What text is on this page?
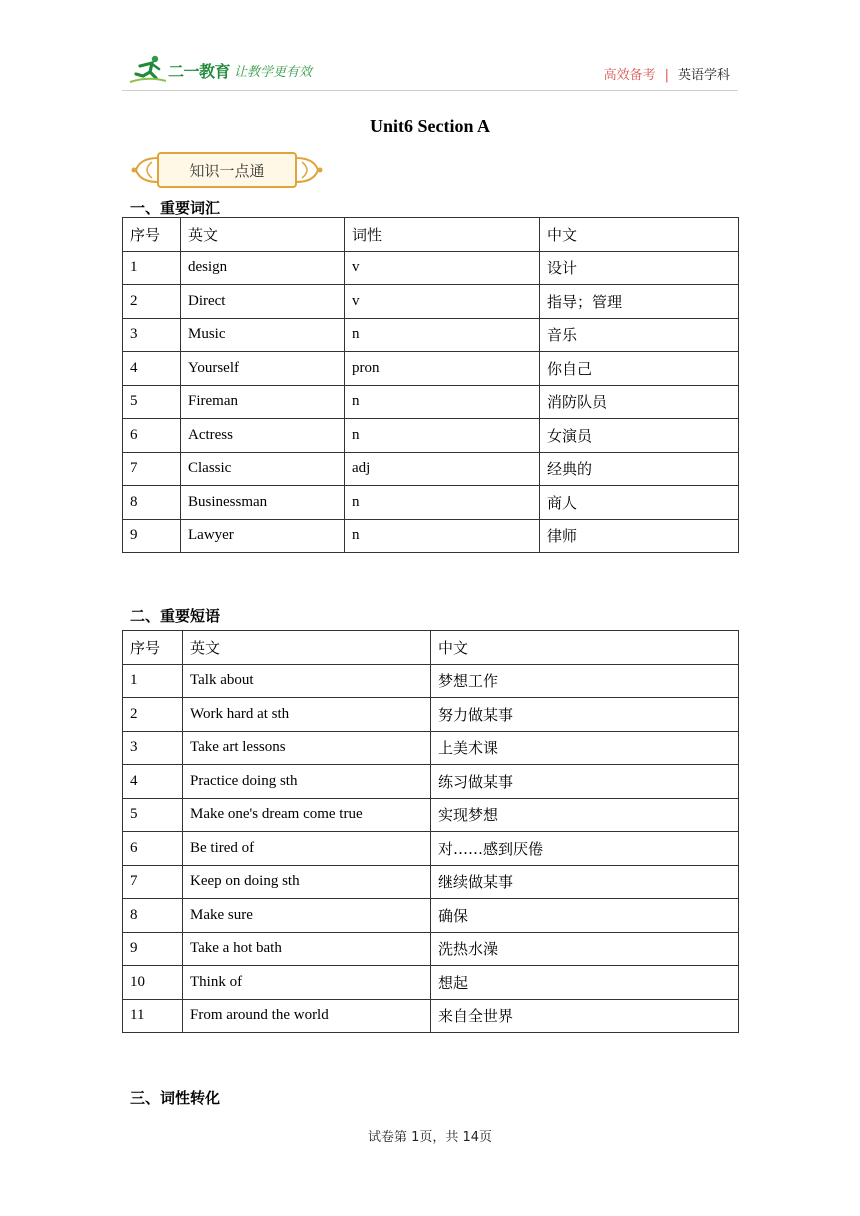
二一教育 让教学更有效	高效备考 | 英语学科
Unit6 Section A
知识一点通
一、重要词汇
序号	英文	词性	中文
1	design	v	设计
2	Direct	v	指导；管理
3	Music	n	音乐
4	Yourself	pron	你自己
5	Fireman	n	消防队员
6	Actress	n	女演员
7	Classic	adj	经典的
8	Businessman	n	商人
9	Lawyer	n	律师
二、重要短语
序号	英文	中文
1	Talk about	梦想工作
2	Work hard at sth	努力做某事
3	Take art lessons	上美术课
4	Practice doing sth	练习做某事
5	Make one's dream come true	实现梦想
6	Be tired of	对……感到厌倦
7	Keep on doing sth	继续做某事
8	Make sure	确保
9	Take a hot bath	洗热水澡
10	Think of	想起
11	From around the world	来自全世界
三、词性转化
试卷第 1页，共 14页
